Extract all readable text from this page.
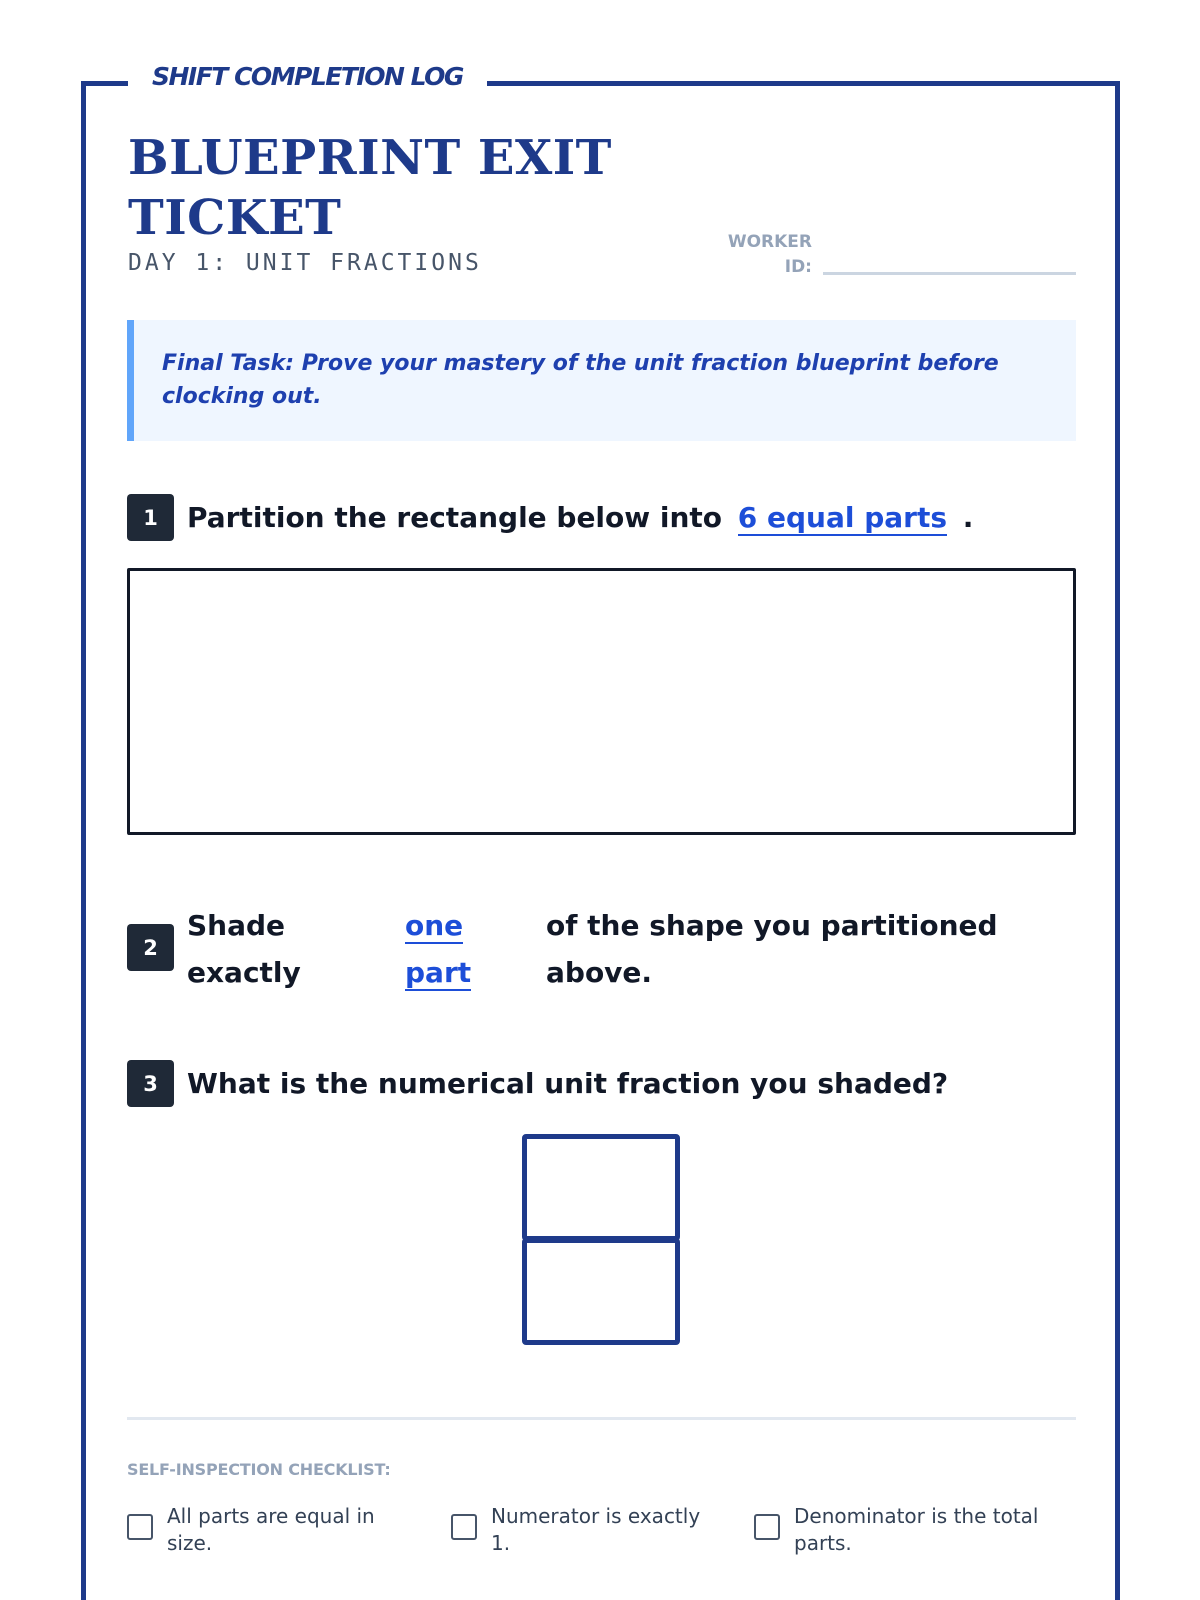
SHIFT COMPLETION LOG
BLUEPRINT EXIT TICKET
DAY 1: UNIT FRACTIONS
WORKER ID:
Final Task: Prove your mastery of the unit fraction blueprint before clocking out.
1	Partition the rectangle below into 6 equal parts .
2
Shade exactly
one part
of the shape you partitioned above.
3	What is the numerical unit fraction you shaded?
SELF-INSPECTION CHECKLIST:
All parts are equal in size.
Numerator is exactly 1.
Denominator is the total parts.
